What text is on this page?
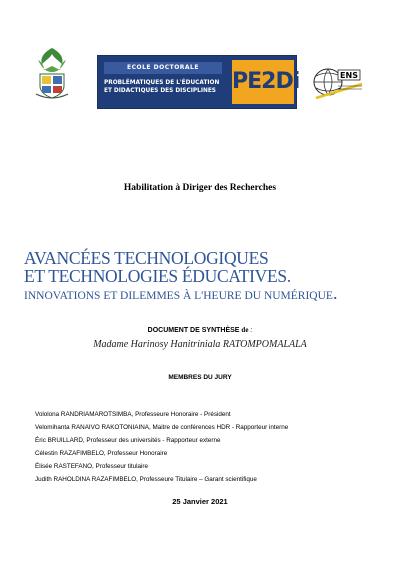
ECOLE DOCTORALE
PROBLÉMATIQUES DE L'ÉDUCATION
ET DIDACTIQUES DES DISCIPLINES PE2Di	ENS
Habilitation à Diriger des Recherches
AVANCÉES TECHNOLOGIQUES
ET TECHNOLOGIES ÉDUCATIVES.
INNOVATIONS ET DILEMMES À L'HEURE DU NUMÉRIQUE.
DOCUMENT DE SYNTHÈSE de :
Madame Harinosy Hanitriniala RATOMPOMALALA
MEMBRES DU JURY
Vololona RANDRIAMAROTSIMBA, Professeure Honoraire - Président
Velomihanta RANAIVO RAKOTONIAINA, Maitre de conférences HDR - Rapporteur interne
Éric BRUILLARD, Professeur des universités - Rapporteur externe
Célestin RAZAFIMBELO, Professeur Honoraire
Élisée RASTEFANO, Professeur titulaire
Judith RAHOLDINA RAZAFIMBELO, Professeure Titulaire – Garant scientifique
25 Janvier 2021
